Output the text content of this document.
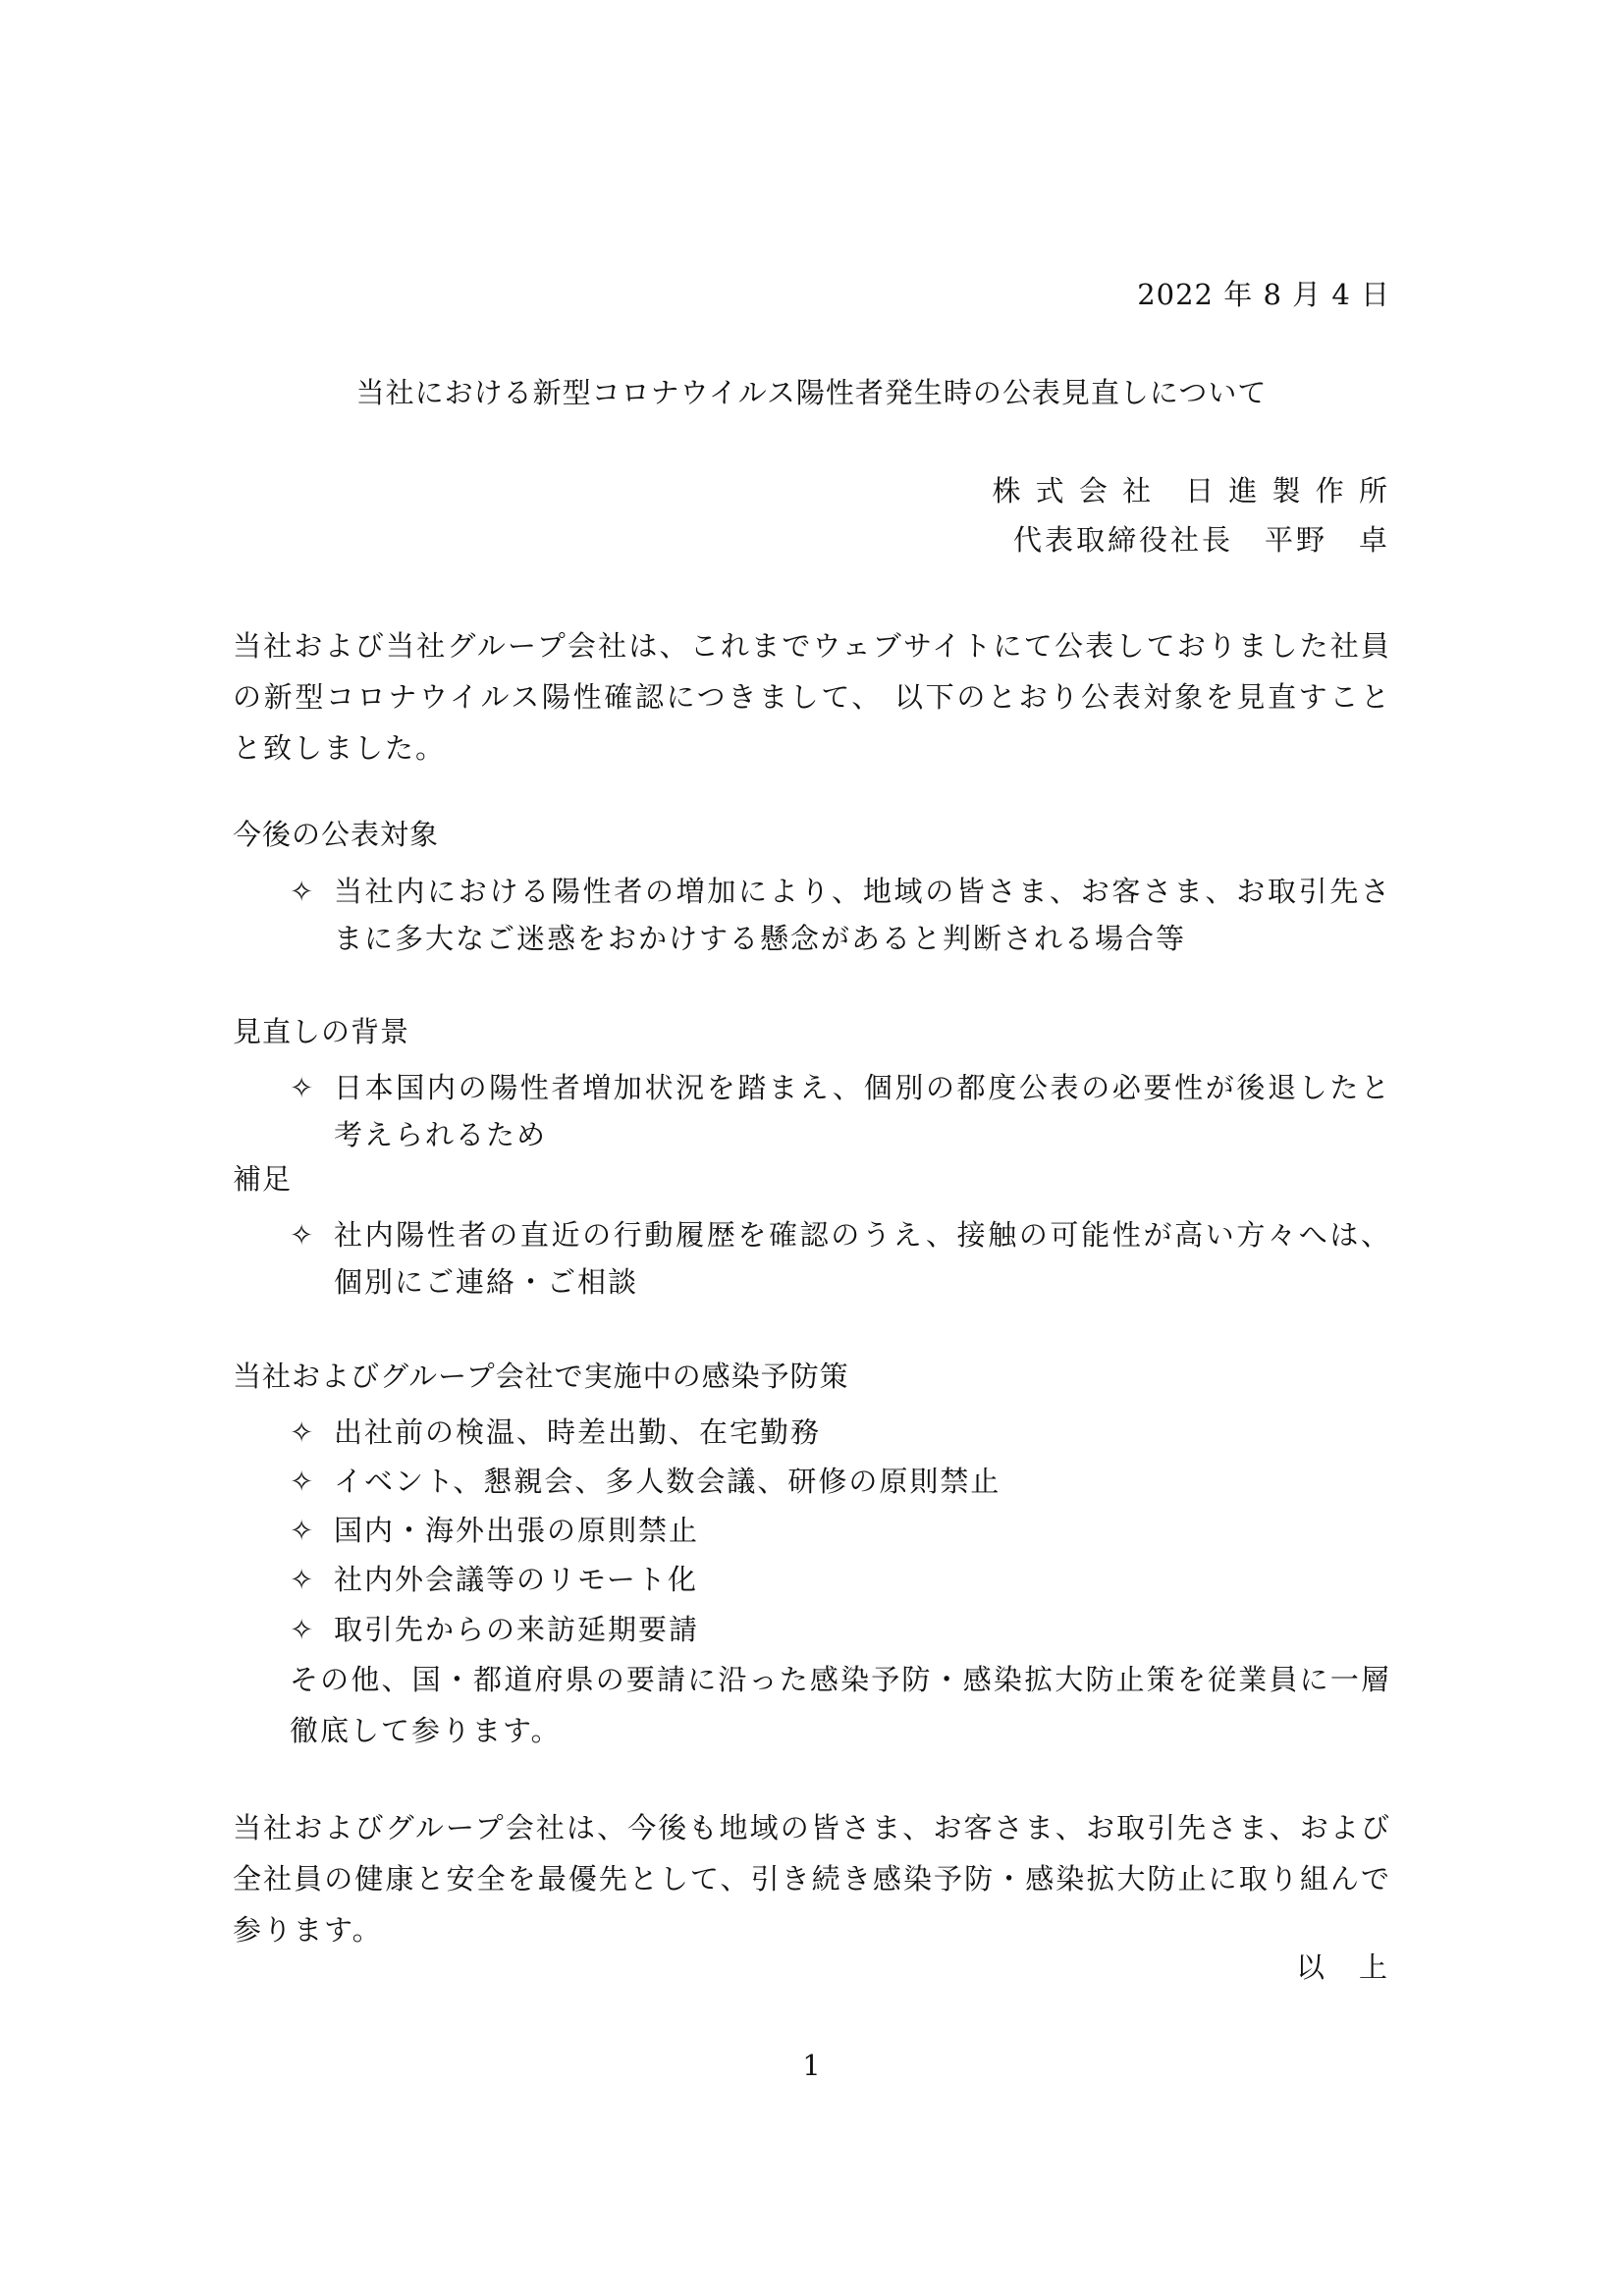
2022 年 8 月 4 日
当社における新型コロナウイルス陽性者発生時の公表見直しについて
株 式 会 社　日 進 製 作 所
代表取締役社長　平野　卓
当社および当社グループ会社は、これまでウェブサイトにて公表しておりました社員の新型コロナウイルス陽性確認につきまして、 以下のとおり公表対象を見直すことと致しました。
今後の公表対象
✧ 当社内における陽性者の増加により、地域の皆さま、お客さま、お取引先さまに多大なご迷惑をおかけする懸念があると判断される場合等
見直しの背景
✧ 日本国内の陽性者増加状況を踏まえ、個別の都度公表の必要性が後退したと考えられるため
補足
✧ 社内陽性者の直近の行動履歴を確認のうえ、接触の可能性が高い方々へは、個別にご連絡・ご相談
当社およびグループ会社で実施中の感染予防策
✧ 出社前の検温、時差出勤、在宅勤務
✧ イベント、懇親会、多人数会議、研修の原則禁止
✧ 国内・海外出張の原則禁止
✧ 社内外会議等のリモート化
✧ 取引先からの来訪延期要請
その他、国・都道府県の要請に沿った感染予防・感染拡大防止策を従業員に一層徹底して参ります。
当社およびグループ会社は、今後も地域の皆さま、お客さま、お取引先さま、および全社員の健康と安全を最優先として、引き続き感染予防・感染拡大防止に取り組んで参ります。
以　上
1
